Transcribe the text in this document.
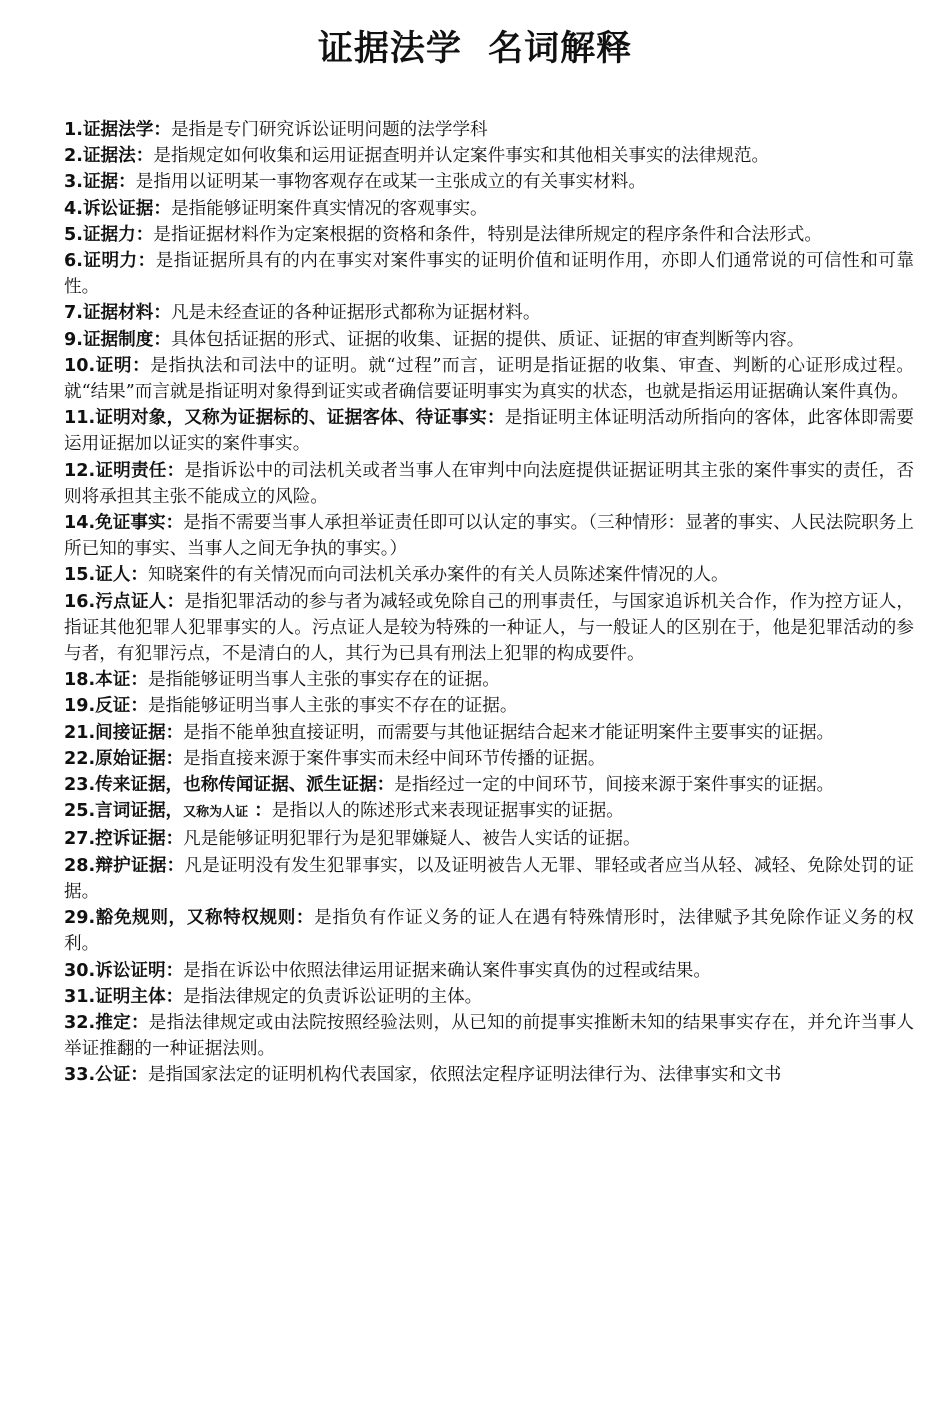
证据法学  名词解释
1.证据法学：是指是专门研究诉讼证明问题的法学学科
2.证据法：是指规定如何收集和运用证据查明并认定案件事实和其他相关事实的法律规范。
3.证据：是指用以证明某一事物客观存在或某一主张成立的有关事实材料。
4.诉讼证据：是指能够证明案件真实情况的客观事实。
5.证据力：是指证据材料作为定案根据的资格和条件，特别是法律所规定的程序条件和合法形式。
6.证明力：是指证据所具有的内在事实对案件事实的证明价值和证明作用，亦即人们通常说的可信性和可靠性。
7.证据材料：凡是未经查证的各种证据形式都称为证据材料。
9.证据制度：具体包括证据的形式、证据的收集、证据的提供、质证、证据的审查判断等内容。
10.证明：是指执法和司法中的证明。就“过程”而言，证明是指证据的收集、审查、判断的心证形成过程。就“结果”而言就是指证明对象得到证实或者确信要证明事实为真实的状态，也就是指运用证据确认案件真伪。
11.证明对象，又称为证据标的、证据客体、待证事实：是指证明主体证明活动所指向的客体，此客体即需要运用证据加以证实的案件事实。
12.证明责任：是指诉讼中的司法机关或者当事人在审判中向法庭提供证据证明其主张的案件事实的责任，否则将承担其主张不能成立的风险。
14.免证事实：是指不需要当事人承担举证责任即可以认定的事实。（三种情形：显著的事实、人民法院职务上所已知的事实、当事人之间无争执的事实。）
15.证人：知晓案件的有关情况而向司法机关承办案件的有关人员陈述案件情况的人。
16.污点证人：是指犯罪活动的参与者为减轻或免除自己的刑事责任，与国家追诉机关合作，作为控方证人，指证其他犯罪人犯罪事实的人。污点证人是较为特殊的一种证人，与一般证人的区别在于，他是犯罪活动的参与者，有犯罪污点，不是清白的人，其行为已具有刑法上犯罪的构成要件。
18.本证：是指能够证明当事人主张的事实存在的证据。
19.反证：是指能够证明当事人主张的事实不存在的证据。
21.间接证据：是指不能单独直接证明，而需要与其他证据结合起来才能证明案件主要事实的证据。
22.原始证据：是指直接来源于案件事实而未经中间环节传播的证据。
23.传来证据，也称传闻证据、派生证据：是指经过一定的中间环节，间接来源于案件事实的证据。
25.言词证据，又称为人证 ：是指以人的陈述形式来表现证据事实的证据。
27.控诉证据：凡是能够证明犯罪行为是犯罪嫌疑人、被告人实话的证据。
28.辩护证据：凡是证明没有发生犯罪事实，以及证明被告人无罪、罪轻或者应当从轻、减轻、免除处罚的证据。
29.豁免规则，又称特权规则：是指负有作证义务的证人在遇有特殊情形时，法律赋予其免除作证义务的权利。
30.诉讼证明：是指在诉讼中依照法律运用证据来确认案件事实真伪的过程或结果。
31.证明主体：是指法律规定的负责诉讼证明的主体。
32.推定：是指法律规定或由法院按照经验法则，从已知的前提事实推断未知的结果事实存在，并允许当事人举证推翻的一种证据法则。
33.公证：是指国家法定的证明机构代表国家，依照法定程序证明法律行为、法律事实和文书
